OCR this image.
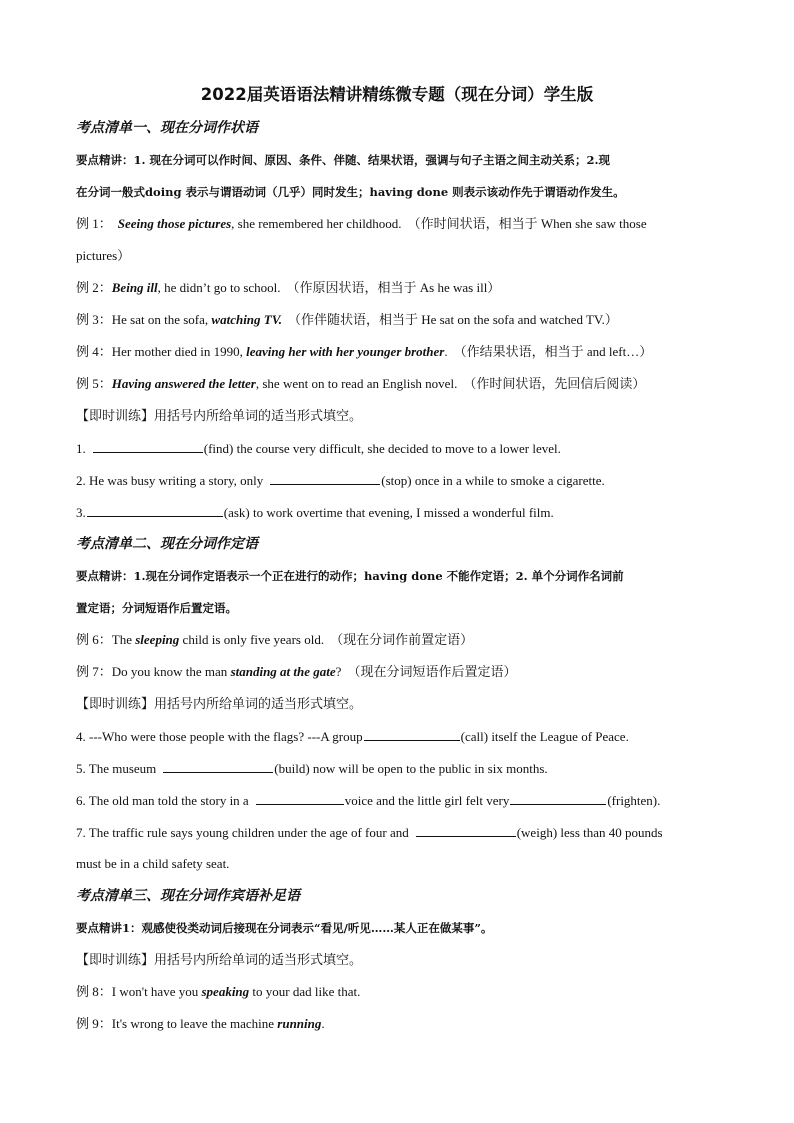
2022届英语语法精讲精练微专题（现在分词）学生版
考点清单一、现在分词作状语
要点精讲：1. 现在分词可以作时间、原因、条件、伴随、结果状语，强调与句子主语之间主动关系；2.现
在分词一般式doing 表示与谓语动词（几乎）同时发生；having done 则表示该动作先于谓语动作发生。
例 1： Seeing those pictures, she remembered her childhood. （作时间状语，相当于 When she saw those
pictures）
例 2：Being ill, he didn’t go to school. （作原因状语，相当于 As he was ill）
例 3：He sat on the sofa, watching TV. （作伴随状语，相当于 He sat on the sofa and watched TV.）
例 4：Her mother died in 1990, leaving her with her younger brother. （作结果状语，相当于 and left…）
例 5：Having answered the letter, she went on to read an English novel. （作时间状语，先回信后阅读）
【即时训练】用括号内所给单词的适当形式填空。
1.	(find) the course very difficult, she decided to move to a lower level.
2. He was busy writing a story, only	(stop) once in a while to smoke a cigarette.
3.	(ask) to work overtime that evening, I missed a wonderful film.
考点清单二、现在分词作定语
要点精讲：1.现在分词作定语表示一个正在进行的动作；having done 不能作定语；2. 单个分词作名词前
置定语；分词短语作后置定语。
例 6：The sleeping child is only five years old. （现在分词作前置定语）
例 7：Do you know the man standing at the gate? （现在分词短语作后置定语）
【即时训练】用括号内所给单词的适当形式填空。
4. ---Who were those people with the flags? ---A group	(call) itself the League of Peace.
5. The museum	(build) now will be open to the public in six months.
6. The old man told the story in a	voice and the little girl felt very	(frighten).
7. The traffic rule says young children under the age of four and	(weigh) less than 40 pounds
must be in a child safety seat.
考点清单三、现在分词作宾语补足语
要点精讲1：观感使役类动词后接现在分词表示“看见/听见……某人正在做某事”。
【即时训练】用括号内所给单词的适当形式填空。
例 8：I won't have you speaking to your dad like that.
例 9：It's wrong to leave the machine running.
